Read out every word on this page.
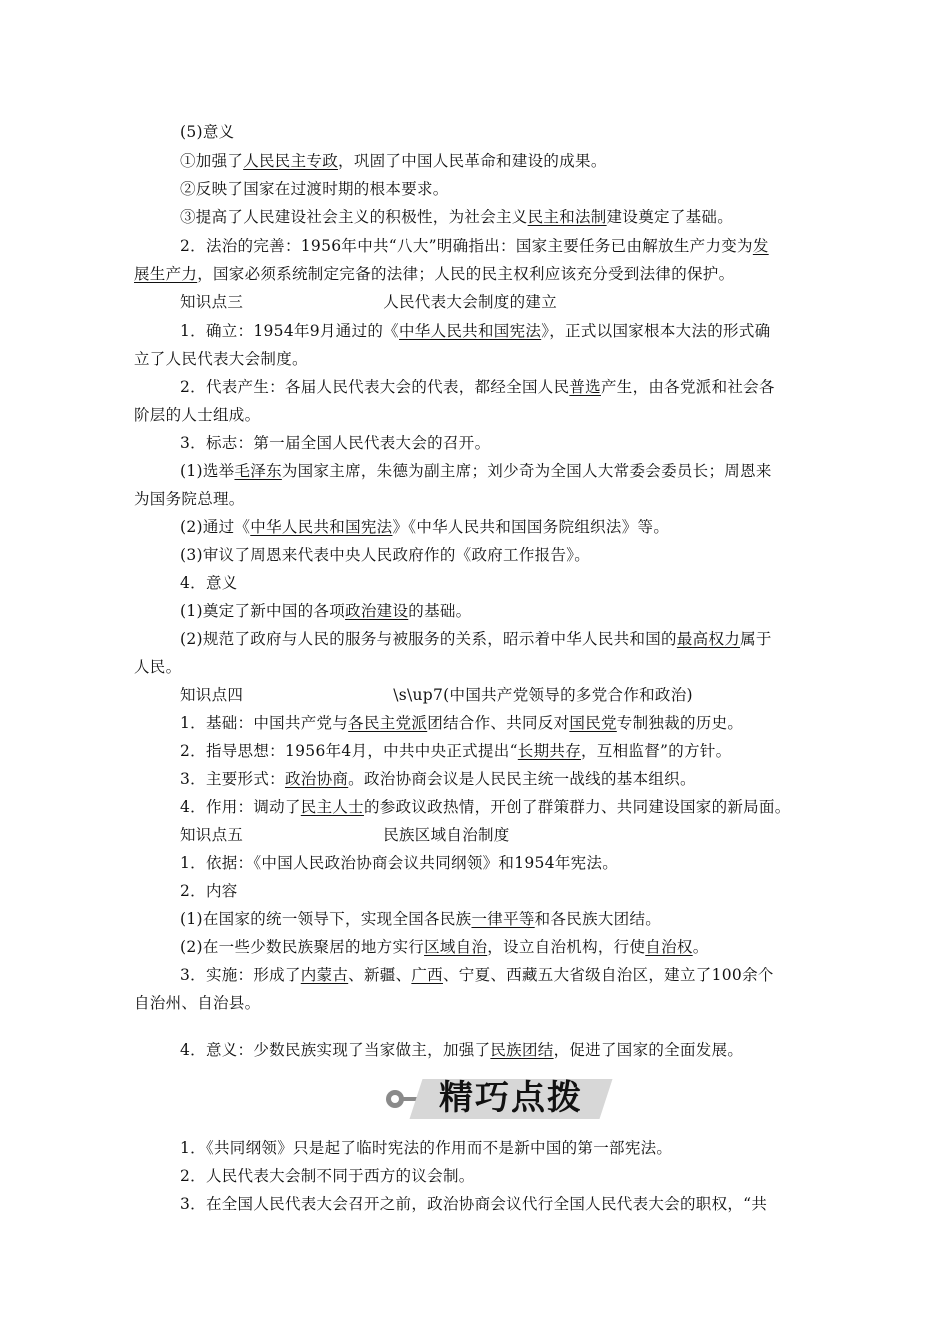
精巧点拨
(5)意义
①加强了人民民主专政，巩固了中国人民革命和建设的成果。
②反映了国家在过渡时期的根本要求。
③提高了人民建设社会主义的积极性，为社会主义民主和法制建设奠定了基础。
2．法治的完善：1956年中共“八大”明确指出：国家主要任务已由解放生产力变为发
展生产力，国家必须系统制定完备的法律；人民的民主权利应该充分受到法律的保护。
知识点三	人民代表大会制度的建立
1．确立：1954年9月通过的《中华人民共和国宪法》，正式以国家根本大法的形式确
立了人民代表大会制度。
2．代表产生：各届人民代表大会的代表，都经全国人民普选产生，由各党派和社会各
阶层的人士组成。
3．标志：第一届全国人民代表大会的召开。
(1)选举毛泽东为国家主席，朱德为副主席；刘少奇为全国人大常委会委员长；周恩来
为国务院总理。
(2)通过《中华人民共和国宪法》《中华人民共和国国务院组织法》等。
(3)审议了周恩来代表中央人民政府作的《政府工作报告》。
4．意义
(1)奠定了新中国的各项政治建设的基础。
(2)规范了政府与人民的服务与被服务的关系，昭示着中华人民共和国的最高权力属于
人民。
知识点四	\s\up7(中国共产党领导的多党合作和政治)
1．基础：中国共产党与各民主党派团结合作、共同反对国民党专制独裁的历史。
2．指导思想：1956年4月，中共中央正式提出“长期共存，互相监督”的方针。
3．主要形式：政治协商。政治协商会议是人民民主统一战线的基本组织。
4．作用：调动了民主人士的参政议政热情，开创了群策群力、共同建设国家的新局面。
知识点五	民族区域自治制度
1．依据：《中国人民政治协商会议共同纲领》和1954年宪法。
2．内容
(1)在国家的统一领导下，实现全国各民族一律平等和各民族大团结。
(2)在一些少数民族聚居的地方实行区域自治，设立自治机构，行使自治权。
3．实施：形成了内蒙古、新疆、广西、宁夏、西藏五大省级自治区，建立了100余个
自治州、自治县。
4．意义：少数民族实现了当家做主，加强了民族团结，促进了国家的全面发展。
1．《共同纲领》只是起了临时宪法的作用而不是新中国的第一部宪法。
2．人民代表大会制不同于西方的议会制。
3．在全国人民代表大会召开之前，政治协商会议代行全国人民代表大会的职权，“共
